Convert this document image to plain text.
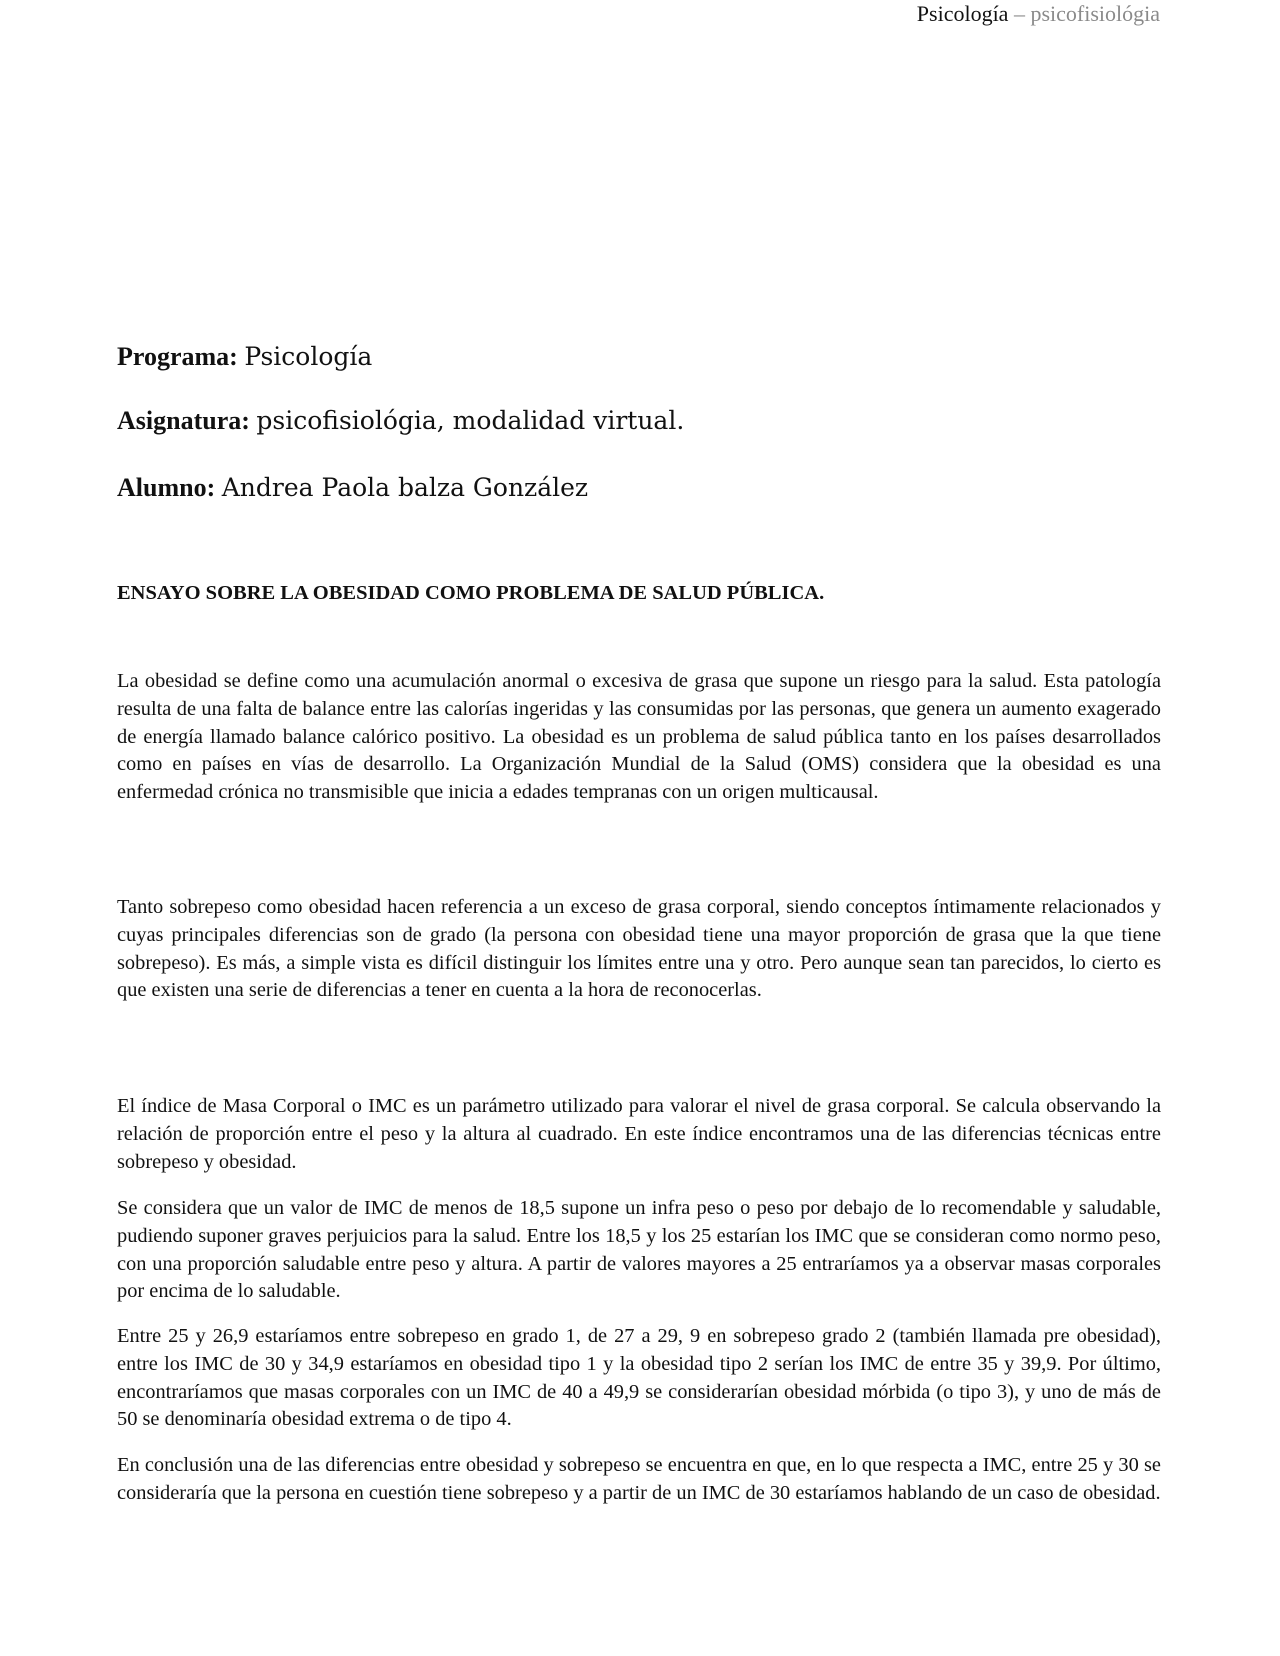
Psicología – psicofisiológia
Programa: Psicología
Asignatura: psicofisiológia, modalidad virtual.
Alumno: Andrea Paola balza González
ENSAYO SOBRE LA OBESIDAD COMO PROBLEMA DE SALUD PÚBLICA.

La obesidad se define como una acumulación anormal o excesiva de grasa que supone un riesgo para la salud. Esta patología resulta de una falta de balance entre las calorías ingeridas y las consumidas por las personas, que genera un aumento exagerado de energía llamado balance calórico positivo. La obesidad es un problema de salud pública tanto en los países desarrollados como en países en vías de desarrollo. La Organización Mundial de la Salud (OMS) considera que la obesidad es una enfermedad crónica no transmisible que inicia a edades tempranas con un origen multicausal.

Tanto sobrepeso como obesidad hacen referencia a un exceso de grasa corporal, siendo conceptos íntimamente relacionados y cuyas principales diferencias son de grado (la persona con obesidad tiene una mayor proporción de grasa que la que tiene sobrepeso). Es más, a simple vista es difícil distinguir los límites entre una y otro. Pero aunque sean tan parecidos, lo cierto es que existen una serie de diferencias a tener en cuenta a la hora de reconocerlas.

El índice de Masa Corporal o IMC es un parámetro utilizado para valorar el nivel de grasa corporal. Se calcula observando la relación de proporción entre el peso y la altura al cuadrado. En este índice encontramos una de las diferencias técnicas entre sobrepeso y obesidad.

Se considera que un valor de IMC de menos de 18,5 supone un infra peso o peso por debajo de lo recomendable y saludable, pudiendo suponer graves perjuicios para la salud. Entre los 18,5 y los 25 estarían los IMC que se consideran como normo peso, con una proporción saludable entre peso y altura. A partir de valores mayores a 25 entraríamos ya a observar masas corporales por encima de lo saludable.

Entre 25 y 26,9 estaríamos entre sobrepeso en grado 1, de 27 a 29, 9 en sobrepeso grado 2 (también llamada pre obesidad), entre los IMC de 30 y 34,9 estaríamos en obesidad tipo 1 y la obesidad tipo 2 serían los IMC de entre 35 y 39,9. Por último, encontraríamos que masas corporales con un IMC de 40 a 49,9 se considerarían obesidad mórbida (o tipo 3), y uno de más de 50 se denominaría obesidad extrema o de tipo 4.

En conclusión una de las diferencias entre obesidad y sobrepeso se encuentra en que, en lo que respecta a IMC, entre 25 y 30 se consideraría que la persona en cuestión tiene sobrepeso y a partir de un IMC de 30 estaríamos hablando de un caso de obesidad.
